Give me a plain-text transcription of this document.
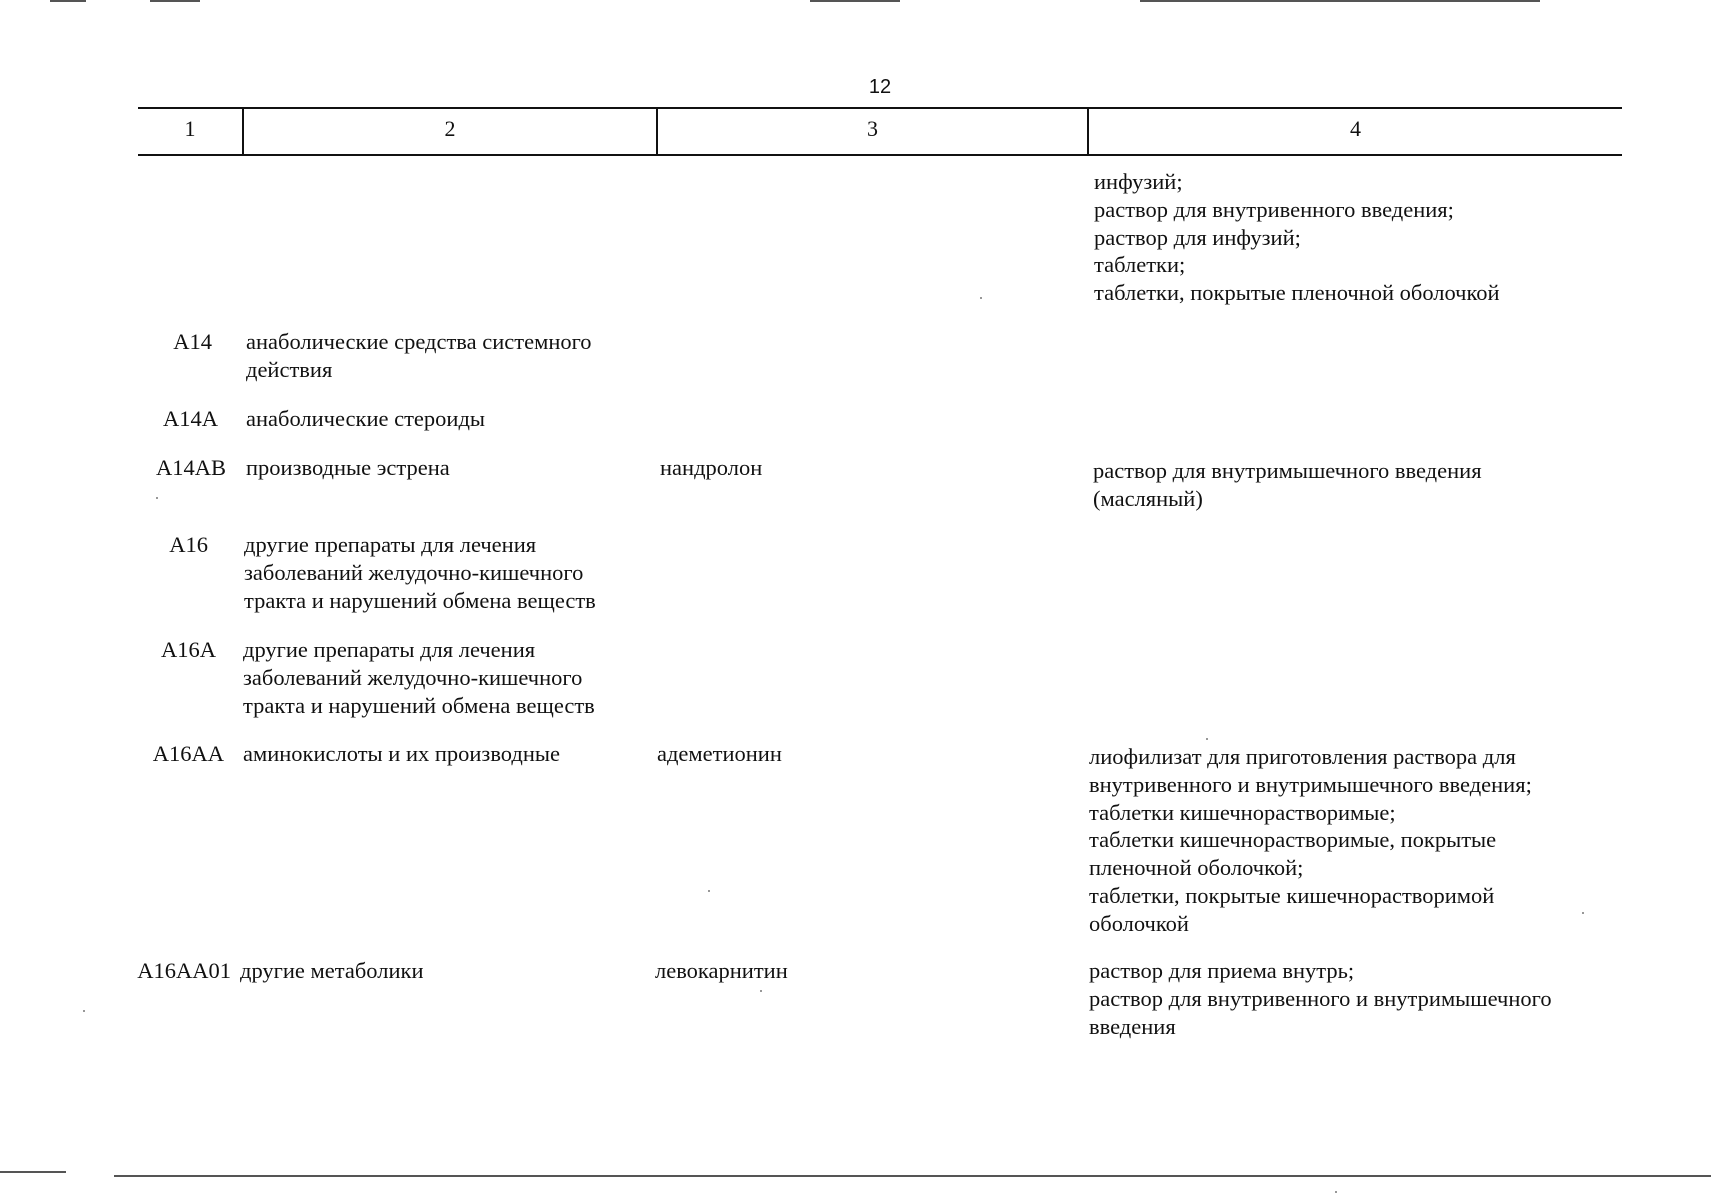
12
1	2	3	4
инфузий;
раствор для внутривенного введения;
раствор для инфузий;
таблетки;
таблетки, покрытые пленочной оболочкой
A14 анаболические средства системного
действия
A14A анаболические стероиды
A14AB производные эстрена	нандролон	раствор для внутримышечного введения
(масляный)
A16 другие препараты для лечения
заболеваний желудочно-кишечного
тракта и нарушений обмена веществ
A16A другие препараты для лечения
заболеваний желудочно-кишечного
тракта и нарушений обмена веществ
A16AA аминокислоты и их производные	адеметионин	лиофилизат для приготовления раствора для
внутривенного и внутримышечного введения;
таблетки кишечнорастворимые;
таблетки кишечнорастворимые, покрытые
пленочной оболочкой;
таблетки, покрытые кишечнорастворимой
оболочкой
A16AA01 другие метаболики	левокарнитин	раствор для приема внутрь;
раствор для внутривенного и внутримышечного
введения
